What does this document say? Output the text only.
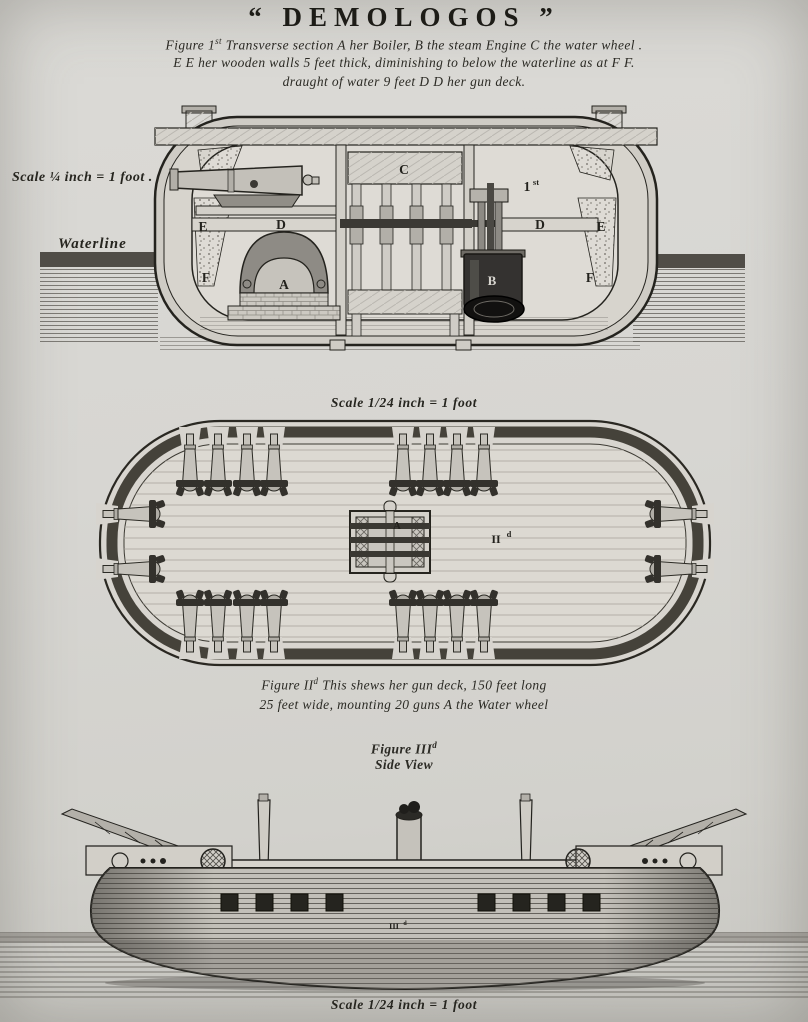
“ DEMOLOGOS ”
Figure 1st Transverse section A her Boiler, B the steam Engine C the water wheel .
E E her wooden walls 5 feet thick, diminishing to below the waterline as at F F.
draught of water 9 feet D D her gun deck.
Scale ¼ inch = 1 foot .
Waterline
C
1 st
D	D
E	E
F	F
A	B
Scale 1/24 inch = 1 foot
A
II d
Figure $II^d$ This shews her gun deck, 150 feet long
25 feet wide, mounting 20 guns A the Water wheel
Figure III$^d$
Side View
III d
Scale 1/24 inch = 1 foot
